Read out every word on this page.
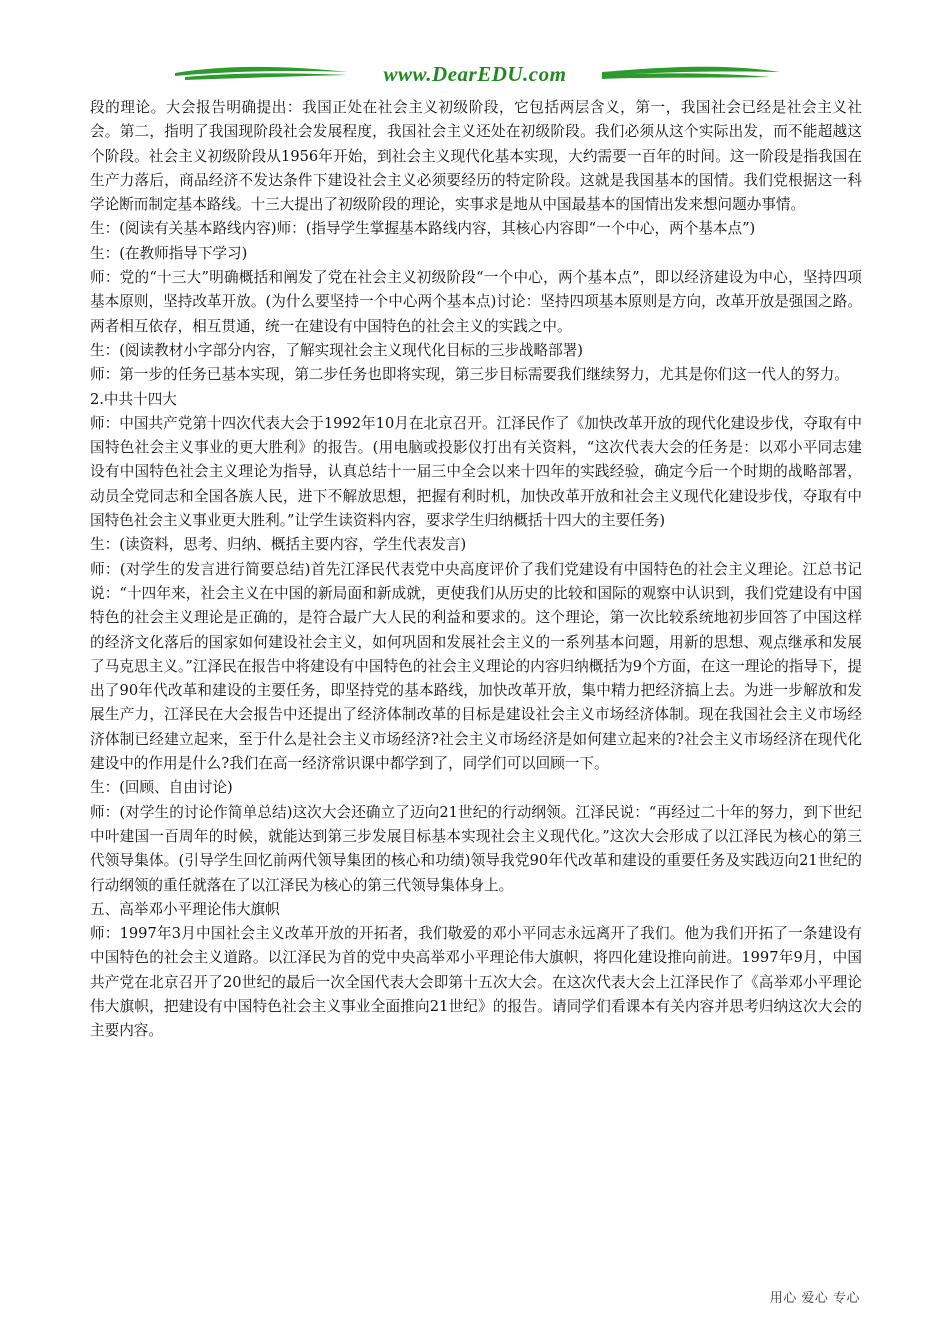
www.DearEDU.com

段的理论。大会报告明确提出：我国正处在社会主义初级阶段，它包括两层含义，第一，我国社会已经是社会主义社会。第二，指明了我国现阶段社会发展程度，我国社会主义还处在初级阶段。我们必须从这个实际出发，而不能超越这个阶段。社会主义初级阶段从1956年开始，到社会主义现代化基本实现，大约需要一百年的时间。这一阶段是指我国在生产力落后，商品经济不发达条件下建设社会主义必须要经历的特定阶段。这就是我国基本的国情。我们党根据这一科学论断而制定基本路线。十三大提出了初级阶段的理论，实事求是地从中国最基本的国情出发来想问题办事情。

生：(阅读有关基本路线内容)师：(指导学生掌握基本路线内容，其核心内容即“一个中心，两个基本点”)

生：(在教师指导下学习)

师：党的“十三大”明确概括和阐发了党在社会主义初级阶段“一个中心，两个基本点”，即以经济建设为中心，坚持四项基本原则，坚持改革开放。(为什么要坚持一个中心两个基本点)讨论：坚持四项基本原则是方向，改革开放是强国之路。两者相互依存，相互贯通，统一在建设有中国特色的社会主义的实践之中。

生：(阅读教材小字部分内容，了解实现社会主义现代化目标的三步战略部署)

师：第一步的任务已基本实现，第二步任务也即将实现，第三步目标需要我们继续努力，尤其是你们这一代人的努力。

2.中共十四大

师：中国共产党第十四次代表大会于1992年10月在北京召开。江泽民作了《加快改革开放的现代化建设步伐，夺取有中国特色社会主义事业的更大胜利》的报告。(用电脑或投影仪打出有关资料，“这次代表大会的任务是：以邓小平同志建设有中国特色社会主义理论为指导，认真总结十一届三中全会以来十四年的实践经验，确定今后一个时期的战略部署，动员全党同志和全国各族人民，进下不解放思想，把握有利时机，加快改革开放和社会主义现代化建设步伐，夺取有中国特色社会主义事业更大胜利。”让学生读资料内容，要求学生归纳概括十四大的主要任务)

生：(读资料，思考、归纳、概括主要内容，学生代表发言)

师：(对学生的发言进行简要总结)首先江泽民代表党中央高度评价了我们党建设有中国特色的社会主义理论。江总书记说：“十四年来，社会主义在中国的新局面和新成就，更使我们从历史的比较和国际的观察中认识到，我们党建设有中国特色的社会主义理论是正确的，是符合最广大人民的利益和要求的。这个理论，第一次比较系统地初步回答了中国这样的经济文化落后的国家如何建设社会主义，如何巩固和发展社会主义的一系列基本问题，用新的思想、观点继承和发展了马克思主义。”江泽民在报告中将建设有中国特色的社会主义理论的内容归纳概括为9个方面，在这一理论的指导下，提出了90年代改革和建设的主要任务，即坚持党的基本路线，加快改革开放，集中精力把经济搞上去。为进一步解放和发展生产力，江泽民在大会报告中还提出了经济体制改革的目标是建设社会主义市场经济体制。现在我国社会主义市场经济体制已经建立起来，至于什么是社会主义市场经济?社会主义市场经济是如何建立起来的?社会主义市场经济在现代化建设中的作用是什么?我们在高一经济常识课中都学到了，同学们可以回顾一下。

生：(回顾、自由讨论)

师：(对学生的讨论作简单总结)这次大会还确立了迈向21世纪的行动纲领。江泽民说：“再经过二十年的努力，到下世纪中叶建国一百周年的时候，就能达到第三步发展目标基本实现社会主义现代化。”这次大会形成了以江泽民为核心的第三代领导集体。(引导学生回忆前两代领导集团的核心和功绩)领导我党90年代改革和建设的重要任务及实践迈向21世纪的行动纲领的重任就落在了以江泽民为核心的第三代领导集体身上。

五、高举邓小平理论伟大旗帜

师：1997年3月中国社会主义改革开放的开拓者，我们敬爱的邓小平同志永远离开了我们。他为我们开拓了一条建设有中国特色的社会主义道路。以江泽民为首的党中央高举邓小平理论伟大旗帜，将四化建设推向前进。1997年9月，中国共产党在北京召开了20世纪的最后一次全国代表大会即第十五次大会。在这次代表大会上江泽民作了《高举邓小平理论伟大旗帜，把建设有中国特色社会主义事业全面推向21世纪》的报告。请同学们看课本有关内容并思考归纳这次大会的主要内容。

用心 爱心 专心
